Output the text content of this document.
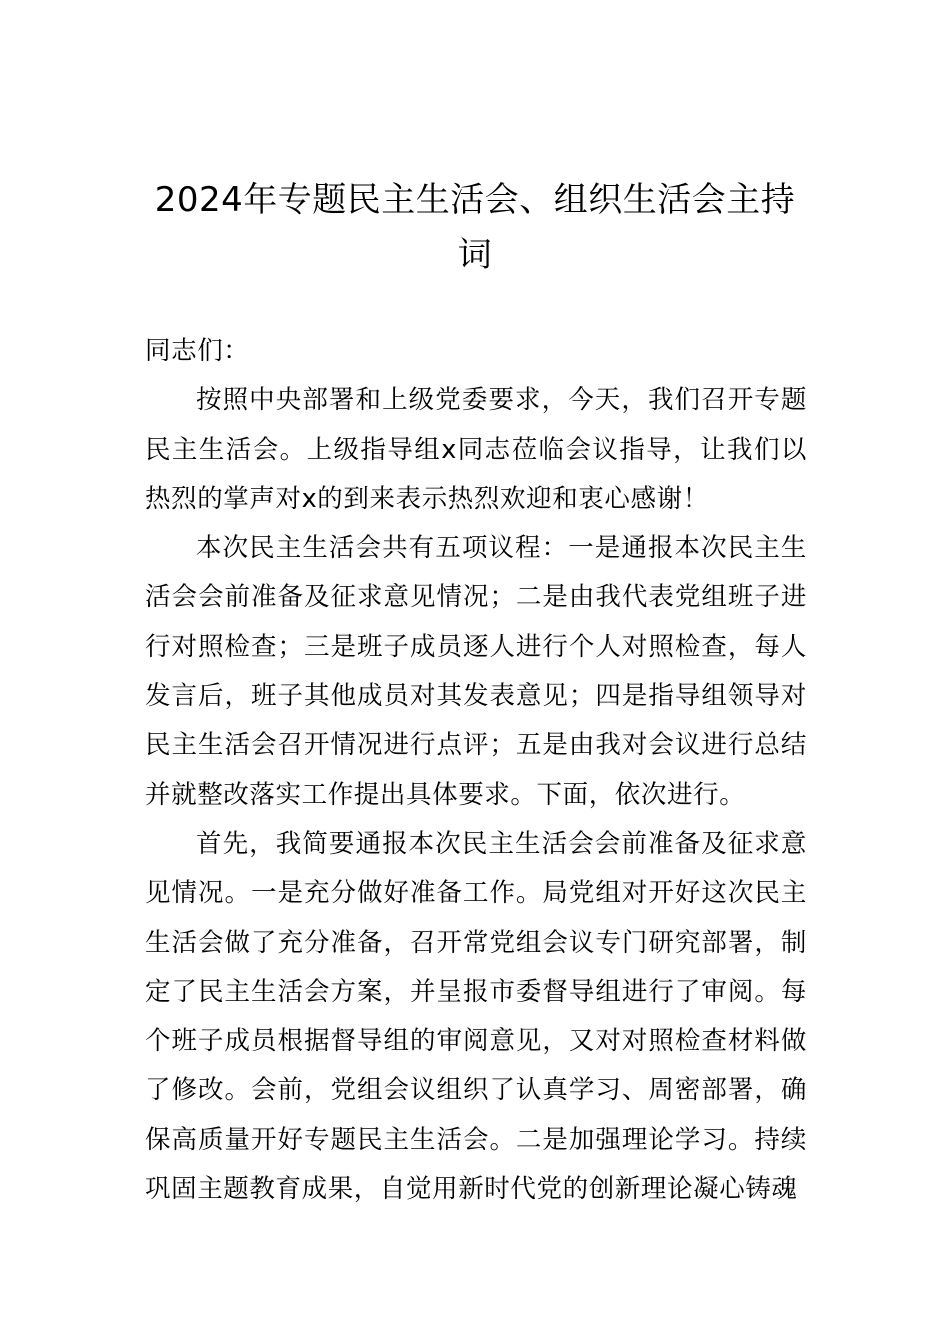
2024年专题民主生活会、组织生活会主持词

同志们：

按照中央部署和上级党委要求，今天，我们召开专题民主生活会。上级指导组x同志莅临会议指导，让我们以热烈的掌声对x的到来表示热烈欢迎和衷心感谢！

本次民主生活会共有五项议程：一是通报本次民主生活会会前准备及征求意见情况；二是由我代表党组班子进行对照检查；三是班子成员逐人进行个人对照检查，每人发言后，班子其他成员对其发表意见；四是指导组领导对民主生活会召开情况进行点评；五是由我对会议进行总结并就整改落实工作提出具体要求。下面，依次进行。

首先，我简要通报本次民主生活会会前准备及征求意见情况。一是充分做好准备工作。局党组对开好这次民主生活会做了充分准备，召开常党组会议专门研究部署，制定了民主生活会方案，并呈报市委督导组进行了审阅。每个班子成员根据督导组的审阅意见，又对对照检查材料做了修改。会前，党组会议组织了认真学习、周密部署，确保高质量开好专题民主生活会。二是加强理论学习。持续巩固主题教育成果，自觉用新时代党的创新理论凝心铸魂
